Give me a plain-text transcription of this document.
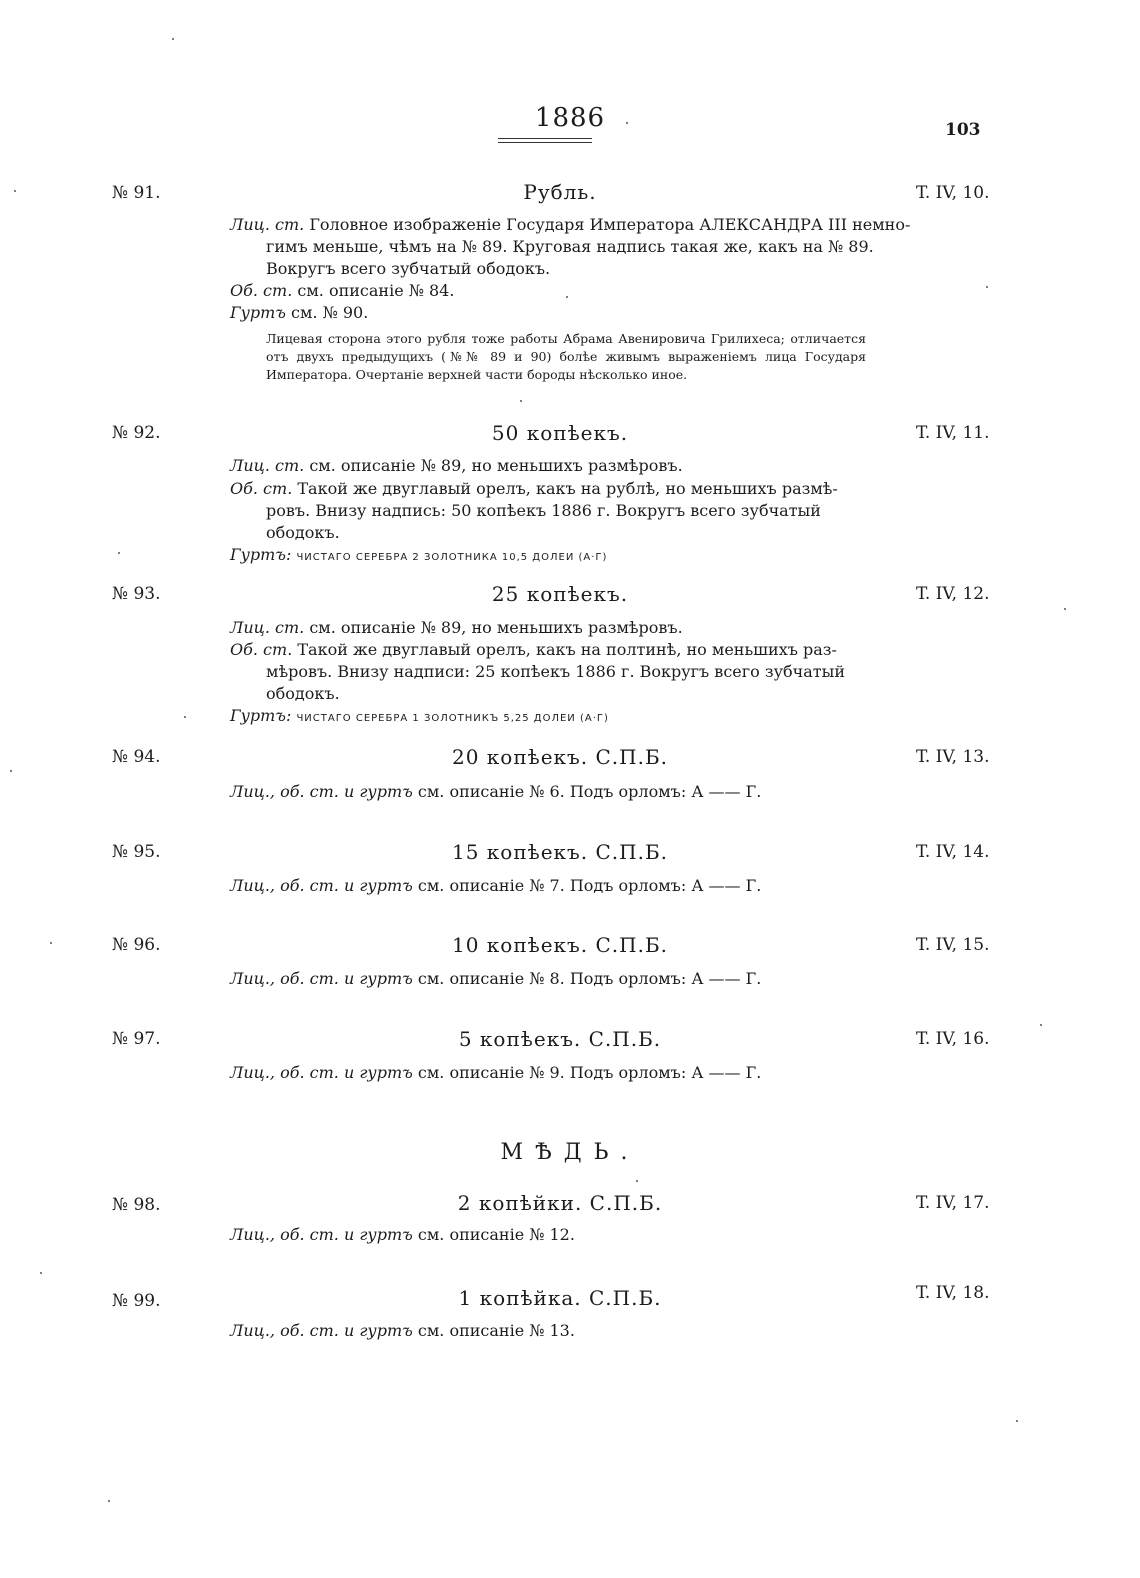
1886	103
№ 91.	Рубль.	T. IV, 10.
Лиц. ст. Головное изображеніе Государя Императора АЛЕКСАНДРА III немно-
гимъ меньше, чѣмъ на № 89. Круговая надпись такая же, какъ на № 89.
Вокругъ всего зубчатый ободокъ.
Об. ст. см. описаніе № 84.
Гуртъ см. № 90.
Лицевая сторона этого рубля тоже работы Абрама Авенировича Грилихеса; отличается отъ двухъ предыдущихъ (№№ 89 и 90) болѣе живымъ выраженіемъ лица Государя Императора. Очертаніе верхней части бороды нѣсколько иное.
№ 92.	50 копѣекъ.	T. IV, 11.
Лиц. ст. см. описаніе № 89, но меньшихъ размѣровъ.
Об. ст. Такой же двуглавый орелъ, какъ на рублѣ, но меньшихъ размѣ-
ровъ. Внизу надпись: 50 копѣекъ 1886 г. Вокругъ всего зубчатый
ободокъ.
Гуртъ: ЧИСТАГО СЕРЕБРА 2 ЗОЛОТНИКА 10,5 ДОЛЕИ (А·Г)
№ 93.	25 копѣекъ.	T. IV, 12.
Лиц. ст. см. описаніе № 89, но меньшихъ размѣровъ.
Об. ст. Такой же двуглавый орелъ, какъ на полтинѣ, но меньшихъ раз-
мѣровъ. Внизу надписи: 25 копѣекъ 1886 г. Вокругъ всего зубчатый
ободокъ.
Гуртъ: ЧИСТАГО СЕРЕБРА 1 ЗОЛОТНИКЪ 5,25 ДОЛЕИ (А·Г)
№ 94.	20 копѣекъ. С.П.Б.	T. IV, 13.
Лиц., об. ст. и гуртъ см. описаніе № 6. Подъ орломъ: А —— Г.
№ 95.	15 копѣекъ. С.П.Б.	T. IV, 14.
Лиц., об. ст. и гуртъ см. описаніе № 7. Подъ орломъ: А —— Г.
№ 96.	10 копѣекъ. С.П.Б.	T. IV, 15.
Лиц., об. ст. и гуртъ см. описаніе № 8. Подъ орломъ: А —— Г.
№ 97.	5 копѣекъ. С.П.Б.	T. IV, 16.
Лиц., об. ст. и гуртъ см. описаніе № 9. Подъ орломъ: А —— Г.
МѢДЬ.
№ 98.	2 копѣйки. С.П.Б.	T. IV, 17.
Лиц., об. ст. и гуртъ см. описаніе № 12.
№ 99.	1 копѣйка. С.П.Б.	T. IV, 18.
Лиц., об. ст. и гуртъ см. описаніе № 13.
